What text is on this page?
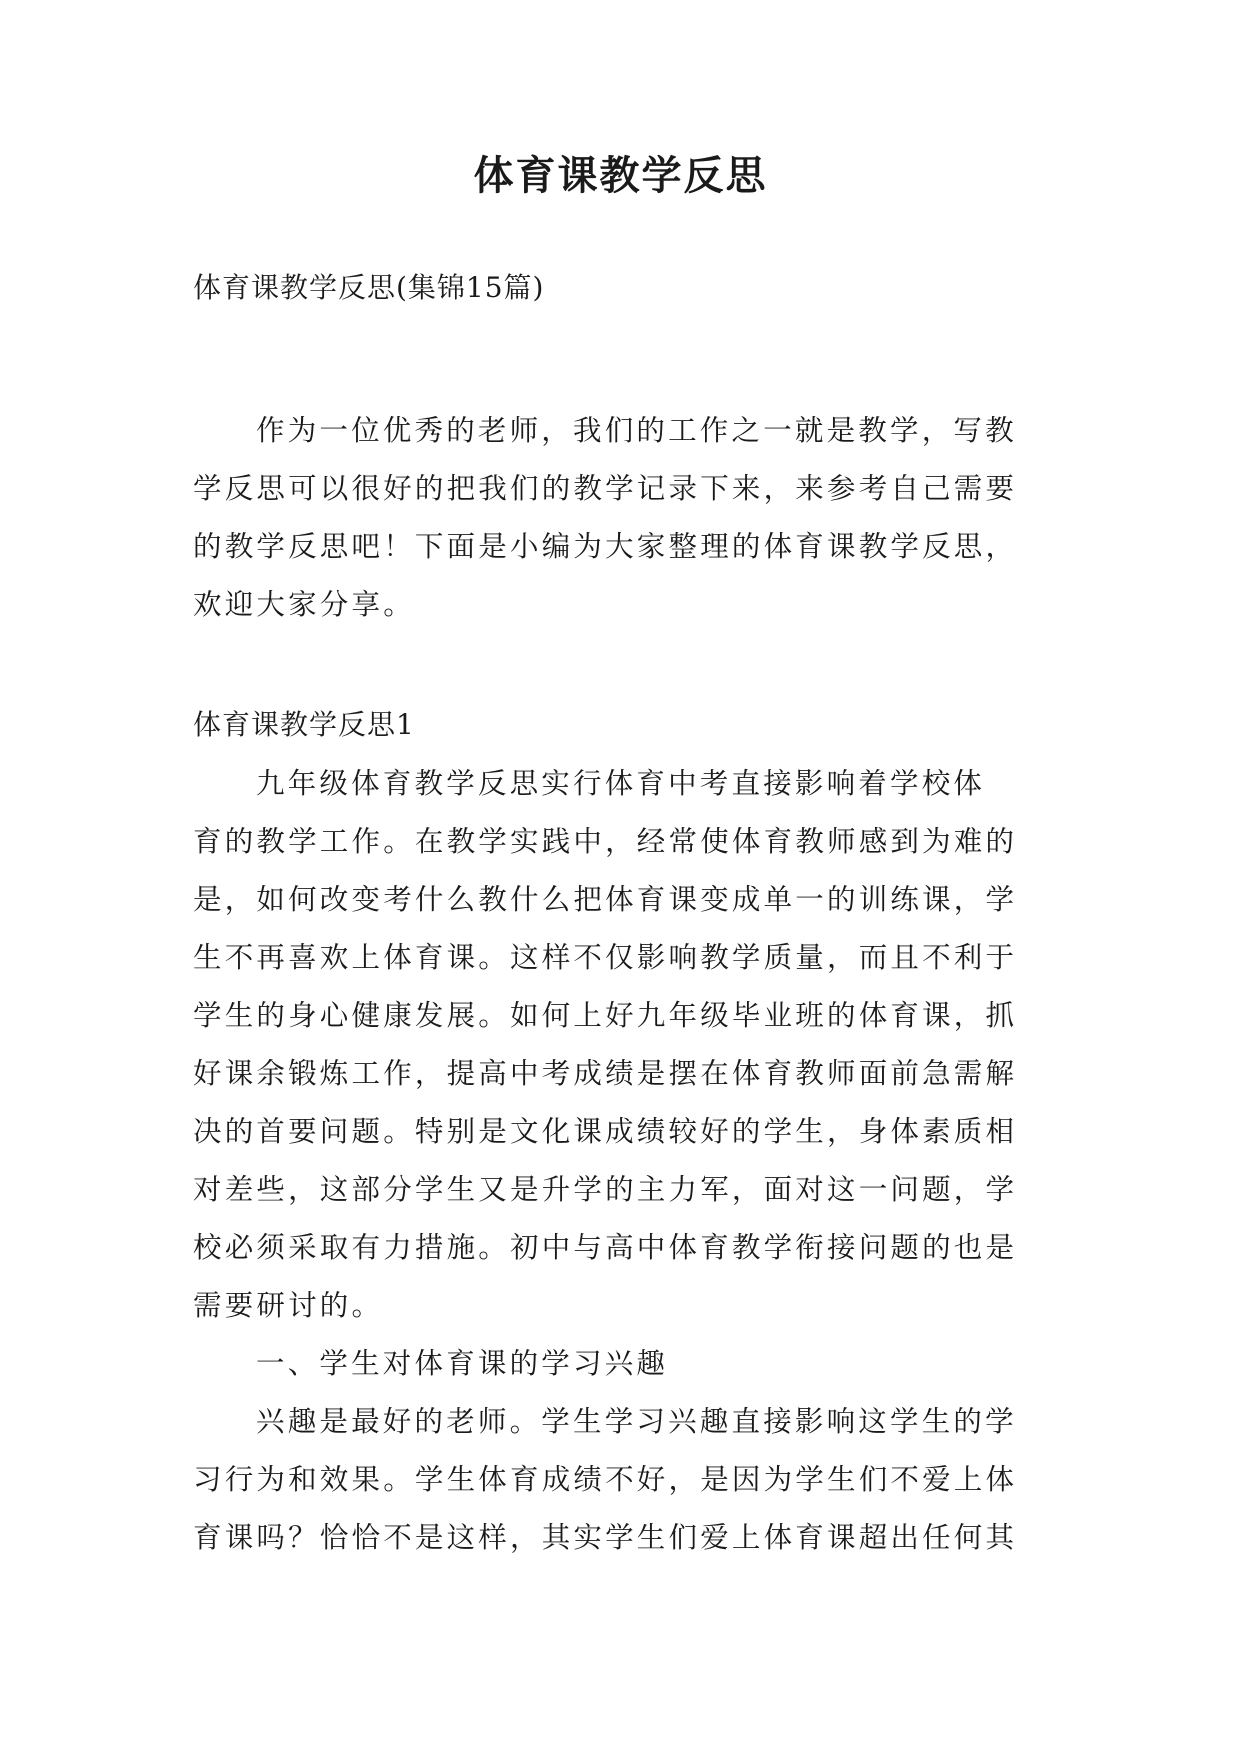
体育课教学反思
体育课教学反思(集锦15篇)
作为一位优秀的老师，我们的工作之一就是教学，写教
学反思可以很好的把我们的教学记录下来，来参考自己需要
的教学反思吧！下面是小编为大家整理的体育课教学反思，
欢迎大家分享。
体育课教学反思1
九年级体育教学反思实行体育中考直接影响着学校体
育的教学工作。在教学实践中，经常使体育教师感到为难的
是，如何改变考什么教什么把体育课变成单一的训练课，学
生不再喜欢上体育课。这样不仅影响教学质量，而且不利于
学生的身心健康发展。如何上好九年级毕业班的体育课，抓
好课余锻炼工作，提高中考成绩是摆在体育教师面前急需解
决的首要问题。特别是文化课成绩较好的学生，身体素质相
对差些，这部分学生又是升学的主力军，面对这一问题，学
校必须采取有力措施。初中与高中体育教学衔接问题的也是
需要研讨的。
一、学生对体育课的学习兴趣
兴趣是最好的老师。学生学习兴趣直接影响这学生的学
习行为和效果。学生体育成绩不好，是因为学生们不爱上体
育课吗？恰恰不是这样，其实学生们爱上体育课超出任何其
